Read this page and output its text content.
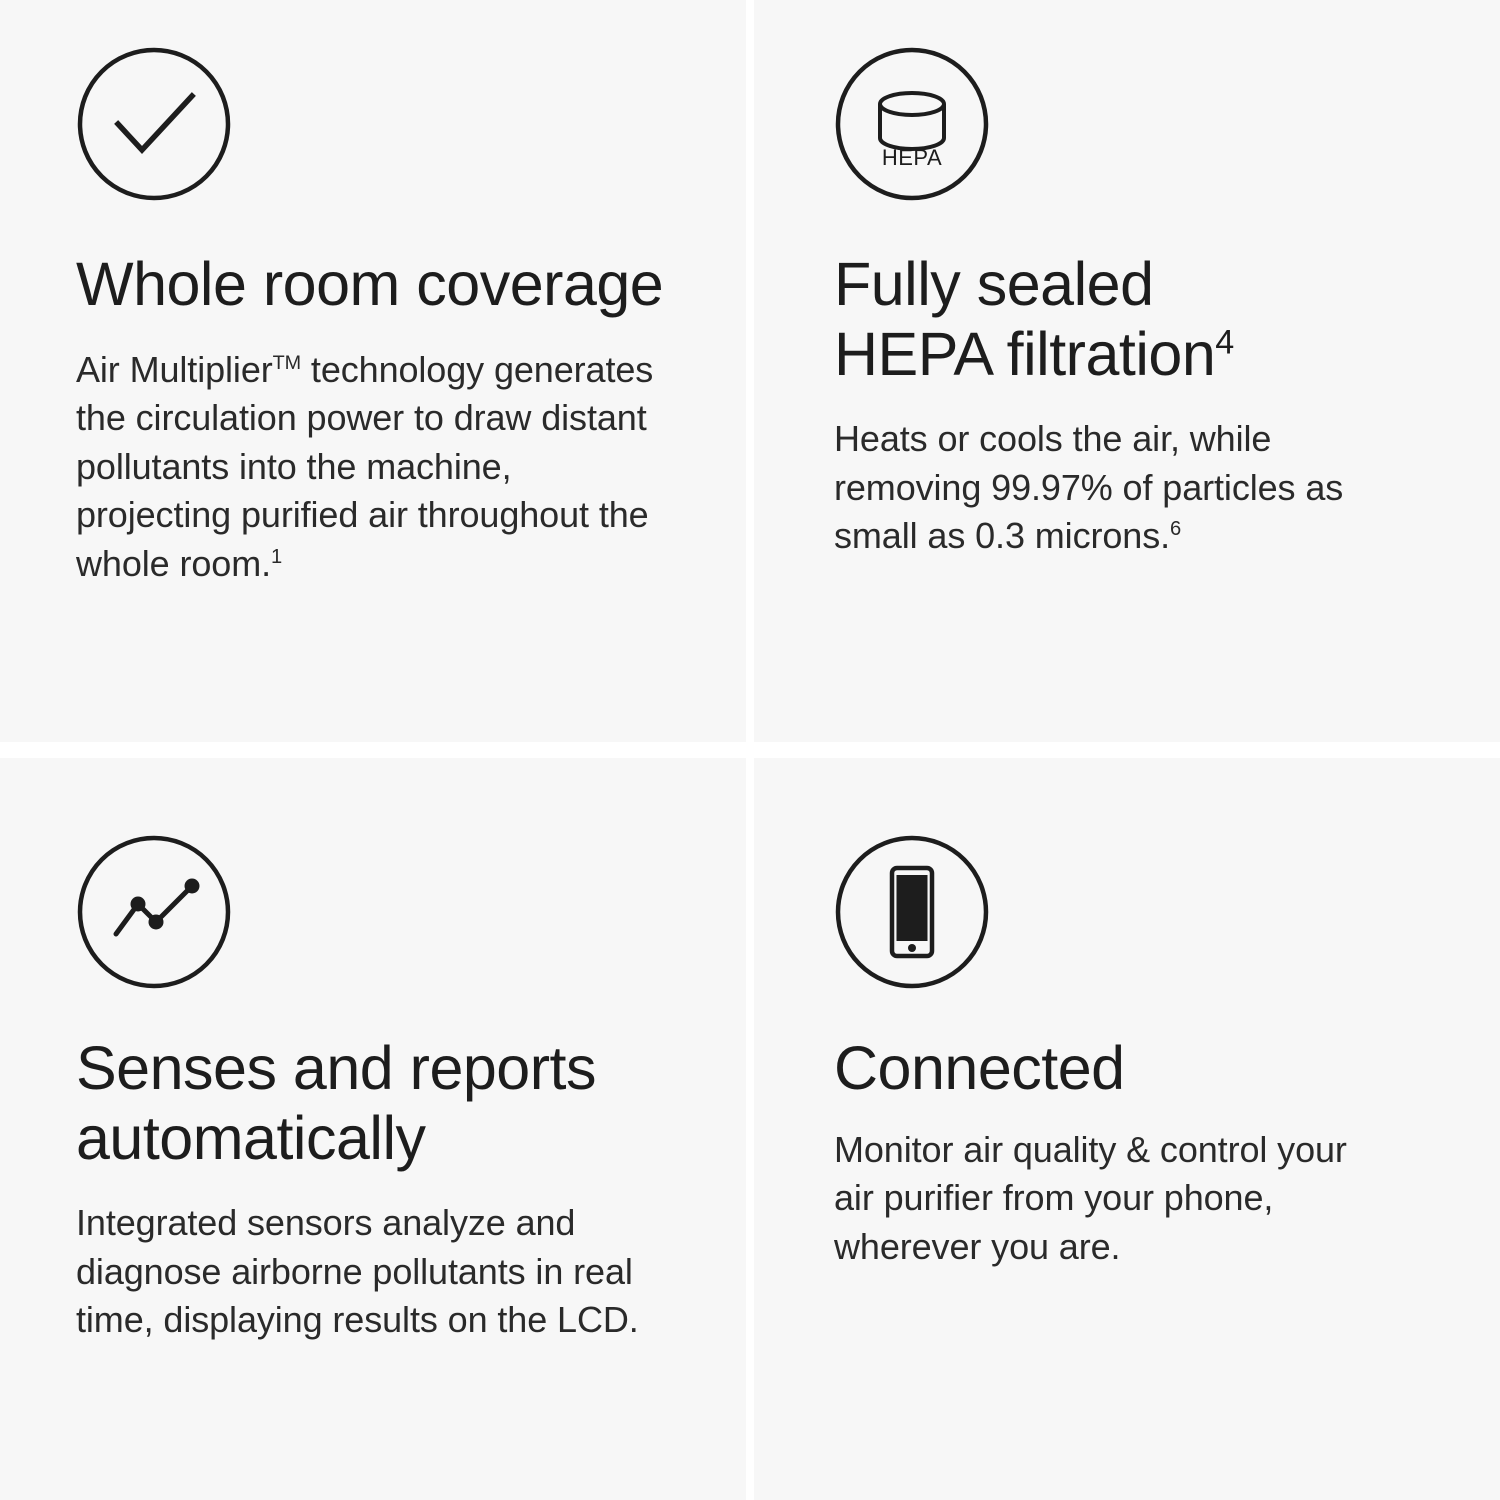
Whole room coverage

Air Multiplier™ technology generates the circulation power to draw distant pollutants into the machine, projecting purified air throughout the whole room.$^1$

HEPA
Fully sealed
HEPA filtration$^4$

Heats or cools the air, while removing 99.97% of particles as small as 0.3 microns.$^6$

Senses and reports automatically

Integrated sensors analyze and diagnose airborne pollutants in real time, displaying results on the LCD.

Connected

Monitor air quality & control your air purifier from your phone, wherever you are.
